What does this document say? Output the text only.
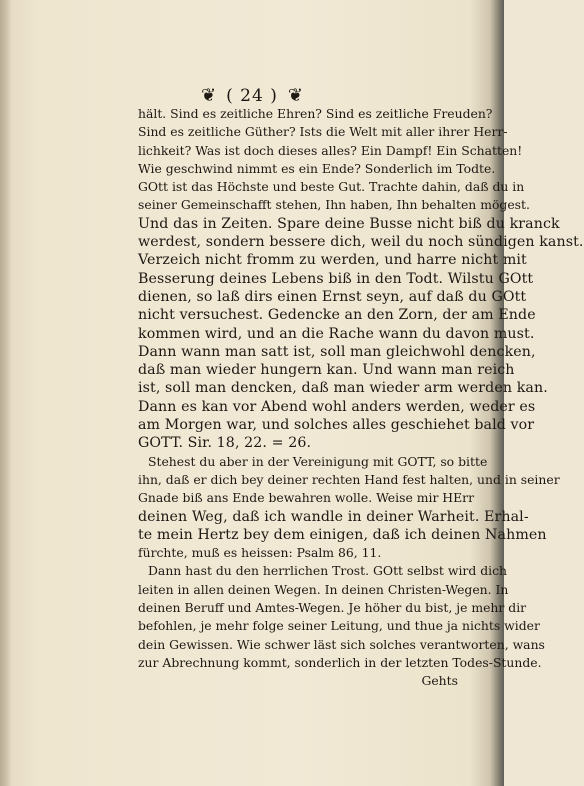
❦ ( 24 ) ❦
hält. Sind es zeitliche Ehren? Sind es zeitliche Freuden?
Sind es zeitliche Güther? Ists die Welt mit aller ihrer Herr-
lichkeit? Was ist doch dieses alles? Ein Dampf! Ein Schatten!
Wie geschwind nimmt es ein Ende? Sonderlich im Todte.
GOtt ist das Höchste und beste Gut. Trachte dahin, daß du in
seiner Gemeinschafft stehen, Ihn haben, Ihn behalten mögest.
Und das in Zeiten. Spare deine Busse nicht biß du kranck
werdest, sondern bessere dich, weil du noch sündigen kanst.
Verzeich nicht fromm zu werden, und harre nicht mit
Besserung deines Lebens biß in den Todt. Wilstu GOtt
dienen, so laß dirs einen Ernst seyn, auf daß du GOtt
nicht versuchest. Gedencke an den Zorn, der am Ende
kommen wird, und an die Rache wann du davon must.
Dann wann man satt ist, soll man gleichwohl dencken,
daß man wieder hungern kan. Und wann man reich
ist, soll man dencken, daß man wieder arm werden kan.
Dann es kan vor Abend wohl anders werden, weder es
am Morgen war, und solches alles geschiehet bald vor
GOTT. Sir. 18, 22. = 26.
Stehest du aber in der Vereinigung mit GOTT, so bitte
ihn, daß er dich bey deiner rechten Hand fest halten, und in seiner
Gnade biß ans Ende bewahren wolle. Weise mir HErr
deinen Weg, daß ich wandle in deiner Warheit. Erhal-
te mein Hertz bey dem einigen, daß ich deinen Nahmen
fürchte, muß es heissen: Psalm 86, 11.
Dann hast du den herrlichen Trost. GOtt selbst wird dich
leiten in allen deinen Wegen. In deinen Christen-Wegen. In
deinen Beruff und Amtes-Wegen. Je höher du bist, je mehr dir
befohlen, je mehr folge seiner Leitung, und thue ja nichts wider
dein Gewissen. Wie schwer läst sich solches verantworten, wans
zur Abrechnung kommt, sonderlich in der letzten Todes-Stunde.
Gehts
